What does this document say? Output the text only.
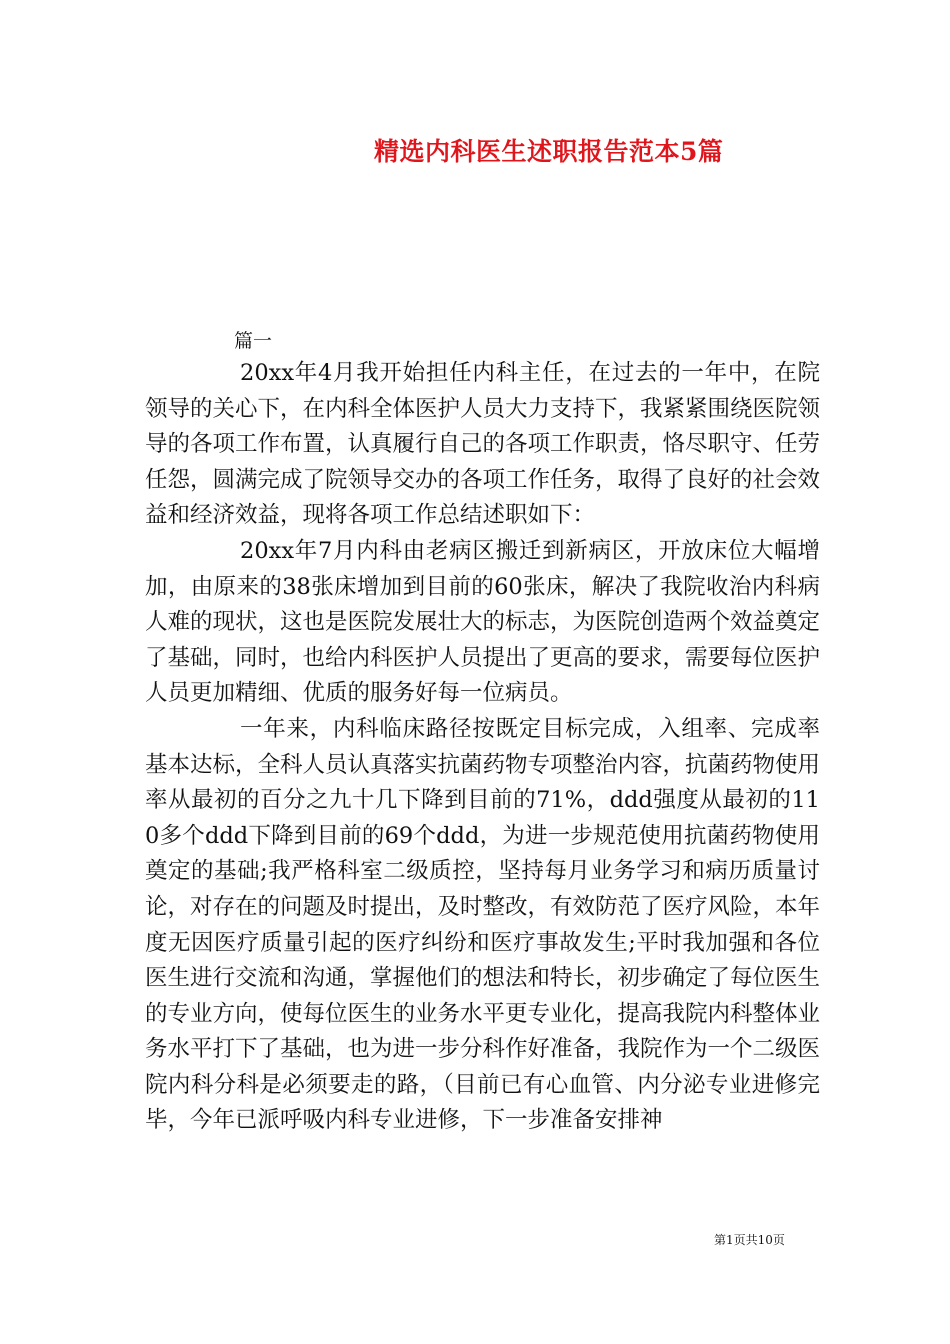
精选内科医生述职报告范本5篇
篇一

20xx年4月我开始担任内科主任，在过去的一年中，在院领导的关心下，在内科全体医护人员大力支持下，我紧紧围绕医院领导的各项工作布置，认真履行自己的各项工作职责，恪尽职守、任劳任怨，圆满完成了院领导交办的各项工作任务，取得了良好的社会效益和经济效益，现将各项工作总结述职如下：

20xx年7月内科由老病区搬迁到新病区，开放床位大幅增加，由原来的38张床增加到目前的60张床，解决了我院收治内科病人难的现状，这也是医院发展壮大的标志，为医院创造两个效益奠定了基础，同时，也给内科医护人员提出了更高的要求，需要每位医护人员更加精细、优质的服务好每一位病员。

一年来，内科临床路径按既定目标完成，入组率、完成率基本达标，全科人员认真落实抗菌药物专项整治内容，抗菌药物使用率从最初的百分之九十几下降到目前的71%，ddd强度从最初的110多个ddd下降到目前的69个ddd，为进一步规范使用抗菌药物使用奠定的基础;我严格科室二级质控，坚持每月业务学习和病历质量讨论，对存在的问题及时提出，及时整改，有效防范了医疗风险，本年度无因医疗质量引起的医疗纠纷和医疗事故发生;平时我加强和各位医生进行交流和沟通，掌握他们的想法和特长，初步确定了每位医生的专业方向，使每位医生的业务水平更专业化，提高我院内科整体业务水平打下了基础，也为进一步分科作好准备，我院作为一个二级医院内科分科是必须要走的路，（目前已有心血管、内分泌专业进修完毕，今年已派呼吸内科专业进修，下一步准备安排神

第1页共10页
